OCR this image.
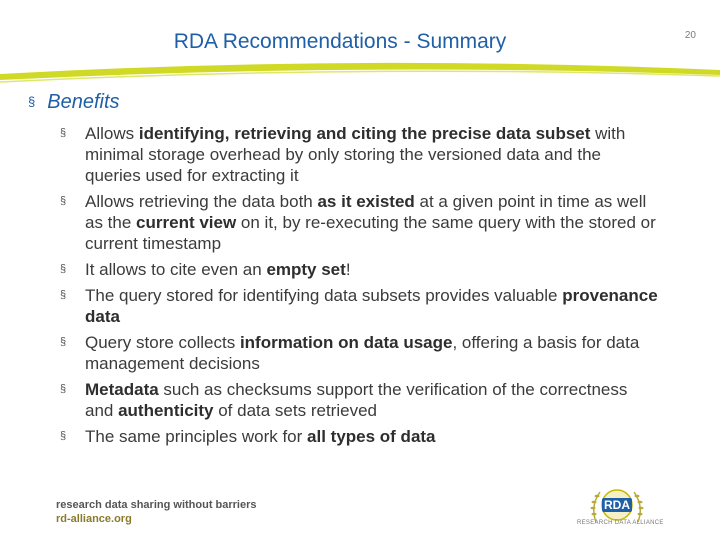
RDA Recommendations - Summary	20
§ Benefits
§ Allows identifying, retrieving and citing the precise data subset with minimal storage overhead by only storing the versioned data and the queries used for extracting it
§ Allows retrieving the data both as it existed at a given point in time as well as the current view on it, by re-executing the same query with the stored or current timestamp
§ It allows to cite even an empty set!
§ The query stored for identifying data subsets provides valuable provenance data
§ Query store collects information on data usage, offering a basis for data management decisions
§ Metadata such as checksums support the verification of the correctness and authenticity of data sets retrieved
§ The same principles work for all types of data
research data sharing without barriers
rd-alliance.org
RDA
RESEARCH DATA ALLIANCE
